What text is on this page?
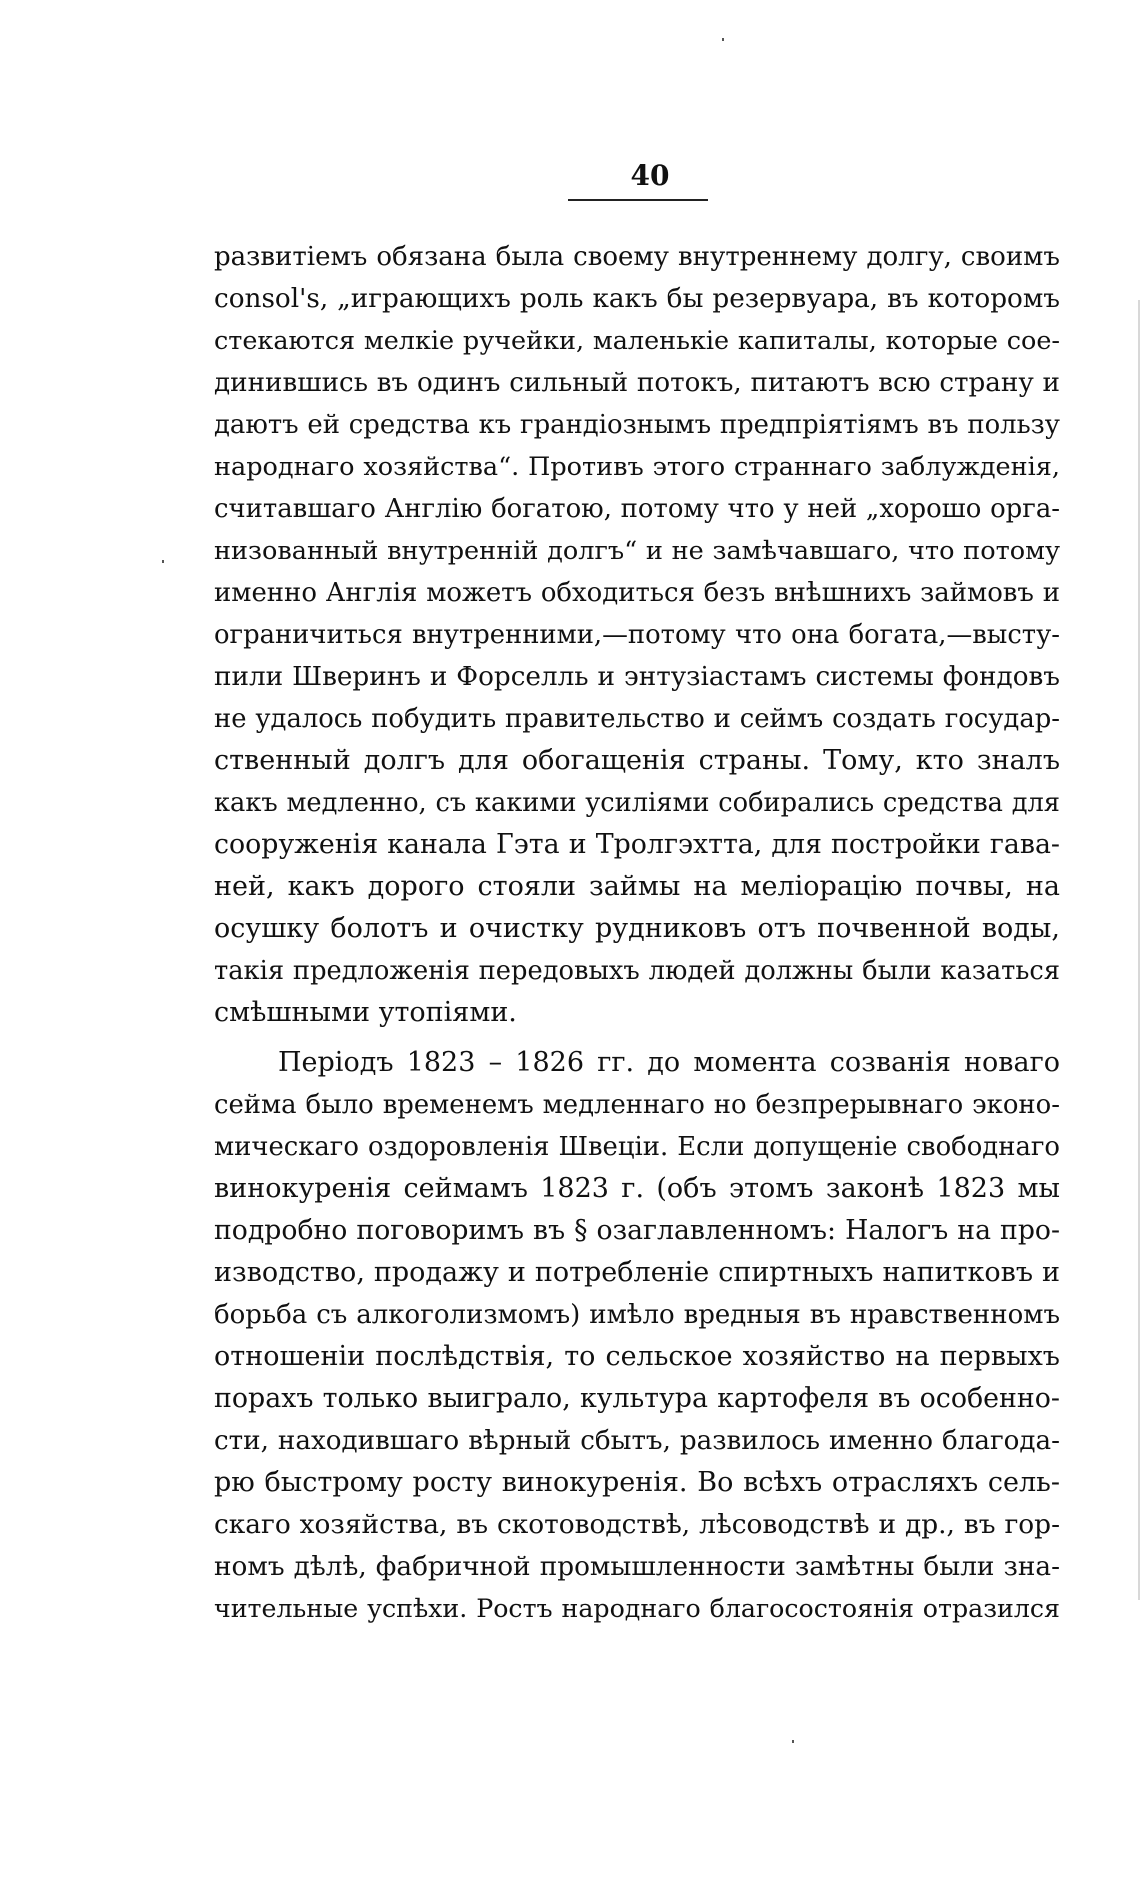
40
развитіемъ обязана была своему внутреннему долгу, своимъ
consol's, „играющихъ роль какъ бы резервуара, въ которомъ
стекаются мелкіе ручейки, маленькіе капиталы, которые сое-
динившись въ одинъ сильный потокъ, питаютъ всю страну и
даютъ ей средства къ грандіознымъ предпріятіямъ въ пользу
народнаго хозяйства“. Противъ этого страннаго заблужденія,
считавшаго Англію богатою, потому что у ней „хорошо орга-
низованный внутренній долгъ“ и не замѣчавшаго, что потому
именно Англія можетъ обходиться безъ внѣшнихъ займовъ и
ограничиться внутренними,—потому что она богата,—высту-
пили Шверинъ и Форселль и энтузіастамъ системы фондовъ
не удалось побудить правительство и сеймъ создать государ-
ственный долгъ для обогащенія страны. Тому, кто зналъ
какъ медленно, съ какими усиліями собирались средства для
сооруженія канала Гэта и Тролгэхтта, для постройки гава-
ней, какъ дорого стояли займы на меліорацію почвы, на
осушку болотъ и очистку рудниковъ отъ почвенной воды,
такія предложенія передовыхъ людей должны были казаться
смѣшными утопіями.
Періодъ 1823 – 1826 гг. до момента созванія новаго
сейма было временемъ медленнаго но безпрерывнаго эконо-
мическаго оздоровленія Швеціи. Если допущеніе свободнаго
винокуренія сеймамъ 1823 г. (объ этомъ законѣ 1823 мы
подробно поговоримъ въ § озаглавленномъ: Налогъ на про-
изводство, продажу и потребленіе спиртныхъ напитковъ и
борьба съ алкоголизмомъ) имѣло вредныя въ нравственномъ
отношеніи послѣдствія, то сельское хозяйство на первыхъ
порахъ только выиграло, культура картофеля въ особенно-
сти, находившаго вѣрный сбытъ, развилось именно благода-
рю быстрому росту винокуренія. Во всѣхъ отрасляхъ сель-
скаго хозяйства, въ скотоводствѣ, лѣсоводствѣ и др., въ гор-
номъ дѣлѣ, фабричной промышленности замѣтны были зна-
чительные успѣхи. Ростъ народнаго благосостоянія отразился
